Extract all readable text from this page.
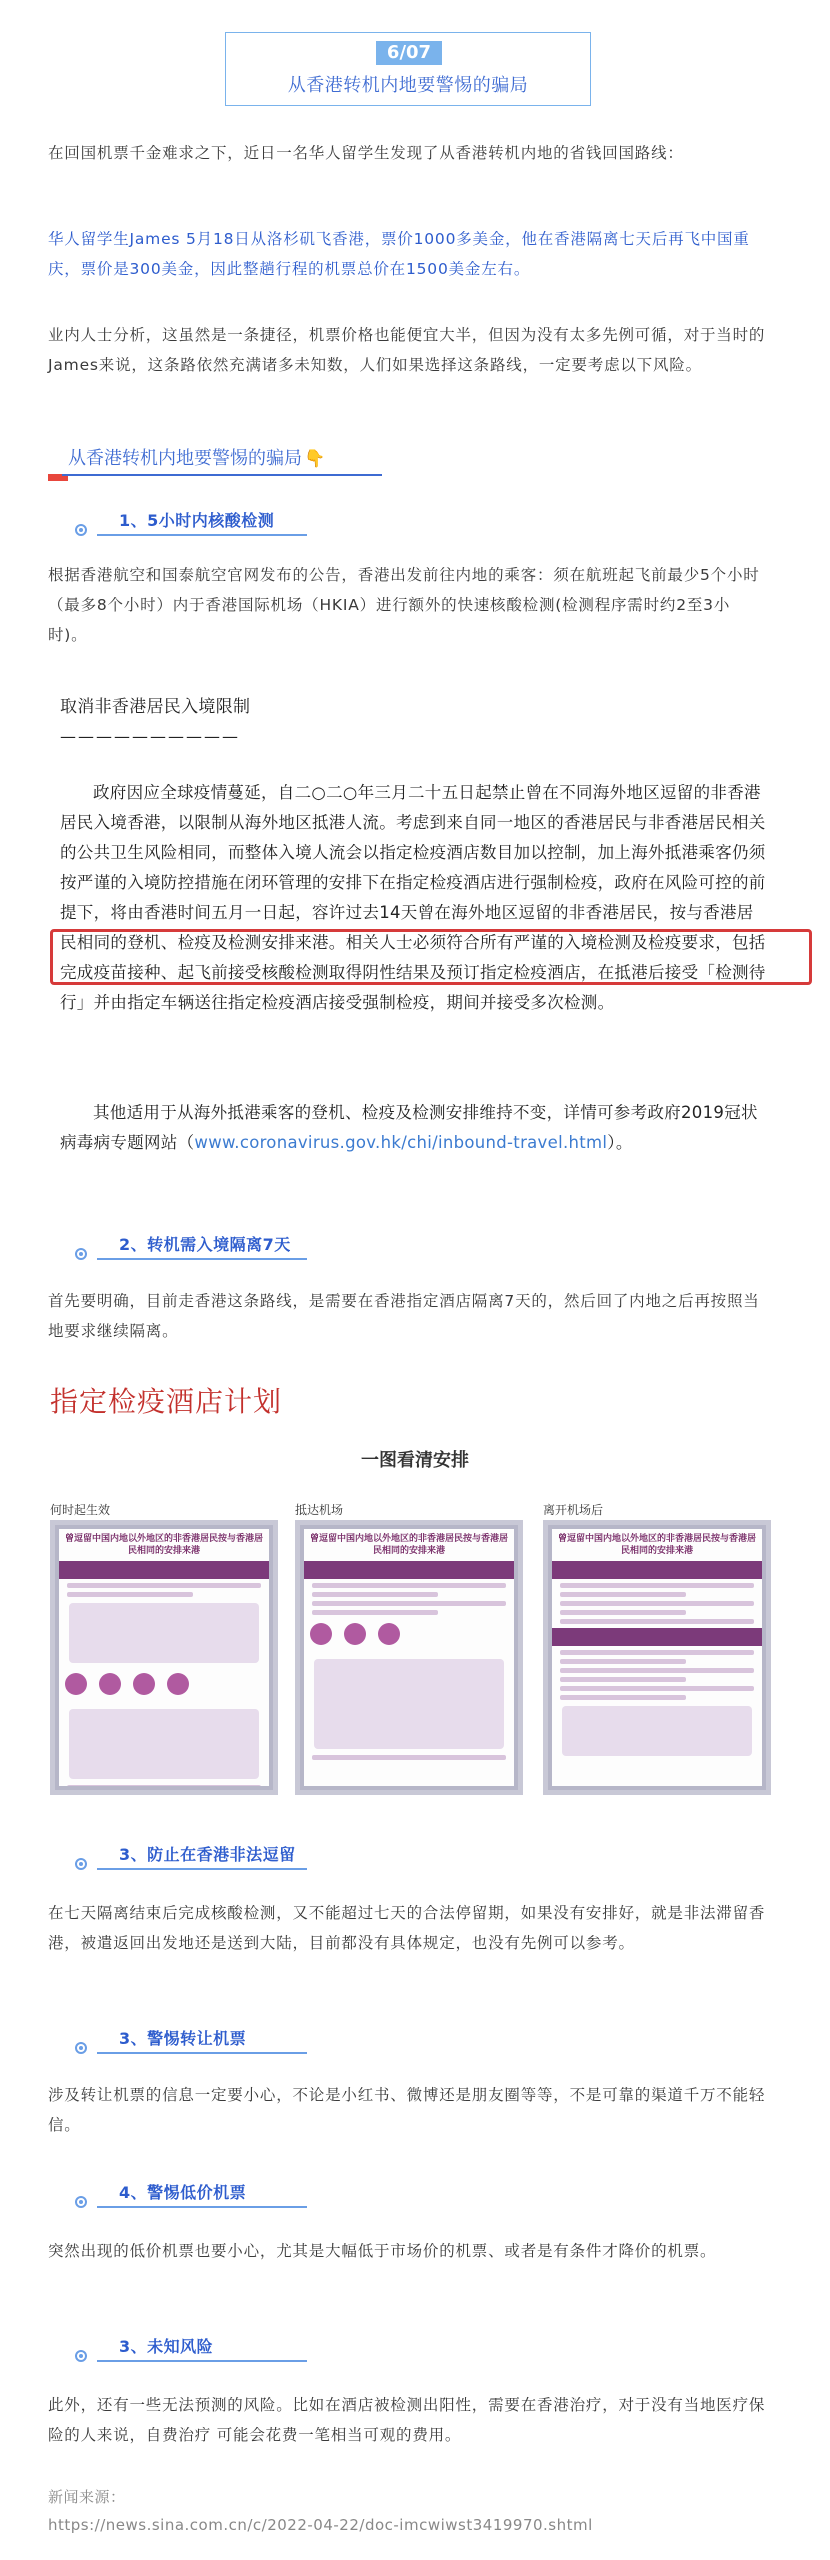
6/07
从香港转机内地要警惕的骗局

在回国机票千金难求之下，近日一名华人留学生发现了从香港转机内地的省钱回国路线：

华人留学生James 5月18日从洛杉矶飞香港，票价1000多美金，他在香港隔离七天后再飞中国重庆，票价是300美金，因此整趟行程的机票总价在1500美金左右。

业内人士分析，这虽然是一条捷径，机票价格也能便宜大半，但因为没有太多先例可循，对于当时的James来说，这条路依然充满诸多未知数，人们如果选择这条路线，一定要考虑以下风险。

从香港转机内地要警惕的骗局 👇
1、5小时内核酸检测

根据香港航空和国泰航空官网发布的公告，香港出发前往内地的乘客：须在航班起飞前最少5个小时（最多8个小时）内于香港国际机场（HKIA）进行额外的快速核酸检测(检测程序需时约2至3小时)。

取消非香港居民入境限制
——————————

政府因应全球疫情蔓延，自二○二○年三月二十五日起禁止曾在不同海外地区逗留的非香港居民入境香港，以限制从海外地区抵港人流。考虑到来自同一地区的香港居民与非香港居民相关的公共卫生风险相同，而整体入境人流会以指定检疫酒店数目加以控制，加上海外抵港乘客仍须按严谨的入境防控措施在闭环管理的安排下在指定检疫酒店进行强制检疫，政府在风险可控的前提下，将由香港时间五月一日起，容许过去14天曾在海外地区逗留的非香港居民，按与香港居民相同的登机、检疫及检测安排来港。相关人士必须符合所有严谨的入境检测及检疫要求，包括完成疫苗接种、起飞前接受核酸检测取得阴性结果及预订指定检疫酒店，在抵港后接受「检测待行」并由指定车辆送往指定检疫酒店接受强制检疫，期间并接受多次检测。

其他适用于从海外抵港乘客的登机、检疫及检测安排维持不变，详情可参考政府2019冠状病毒病专题网站（www.coronavirus.gov.hk/chi/inbound-travel.html）。

2、转机需入境隔离7天

首先要明确，目前走香港这条路线，是需要在香港指定酒店隔离7天的，然后回了内地之后再按照当地要求继续隔离。

指定检疫酒店计划
一图看清安排
何时起生效
曾逗留中国内地以外地区的非香港居民按与香港居民相同的安排来港
抵达机场
曾逗留中国内地以外地区的非香港居民按与香港居民相同的安排来港
离开机场后
曾逗留中国内地以外地区的非香港居民按与香港居民相同的安排来港
3、防止在香港非法逗留

在七天隔离结束后完成核酸检测，又不能超过七天的合法停留期，如果没有安排好，就是非法滞留香港，被遣返回出发地还是送到大陆，目前都没有具体规定，也没有先例可以参考。

3、警惕转让机票

涉及转让机票的信息一定要小心，不论是小红书、微博还是朋友圈等等，不是可靠的渠道千万不能轻信。

4、警惕低价机票

突然出现的低价机票也要小心，尤其是大幅低于市场价的机票、或者是有条件才降价的机票。

3、未知风险

此外，还有一些无法预测的风险。比如在酒店被检测出阳性，需要在香港治疗，对于没有当地医疗保险的人来说，自费治疗 可能会花费一笔相当可观的费用。

新闻来源：
https://news.sina.com.cn/c/2022-04-22/doc-imcwiwst3419970.shtml
